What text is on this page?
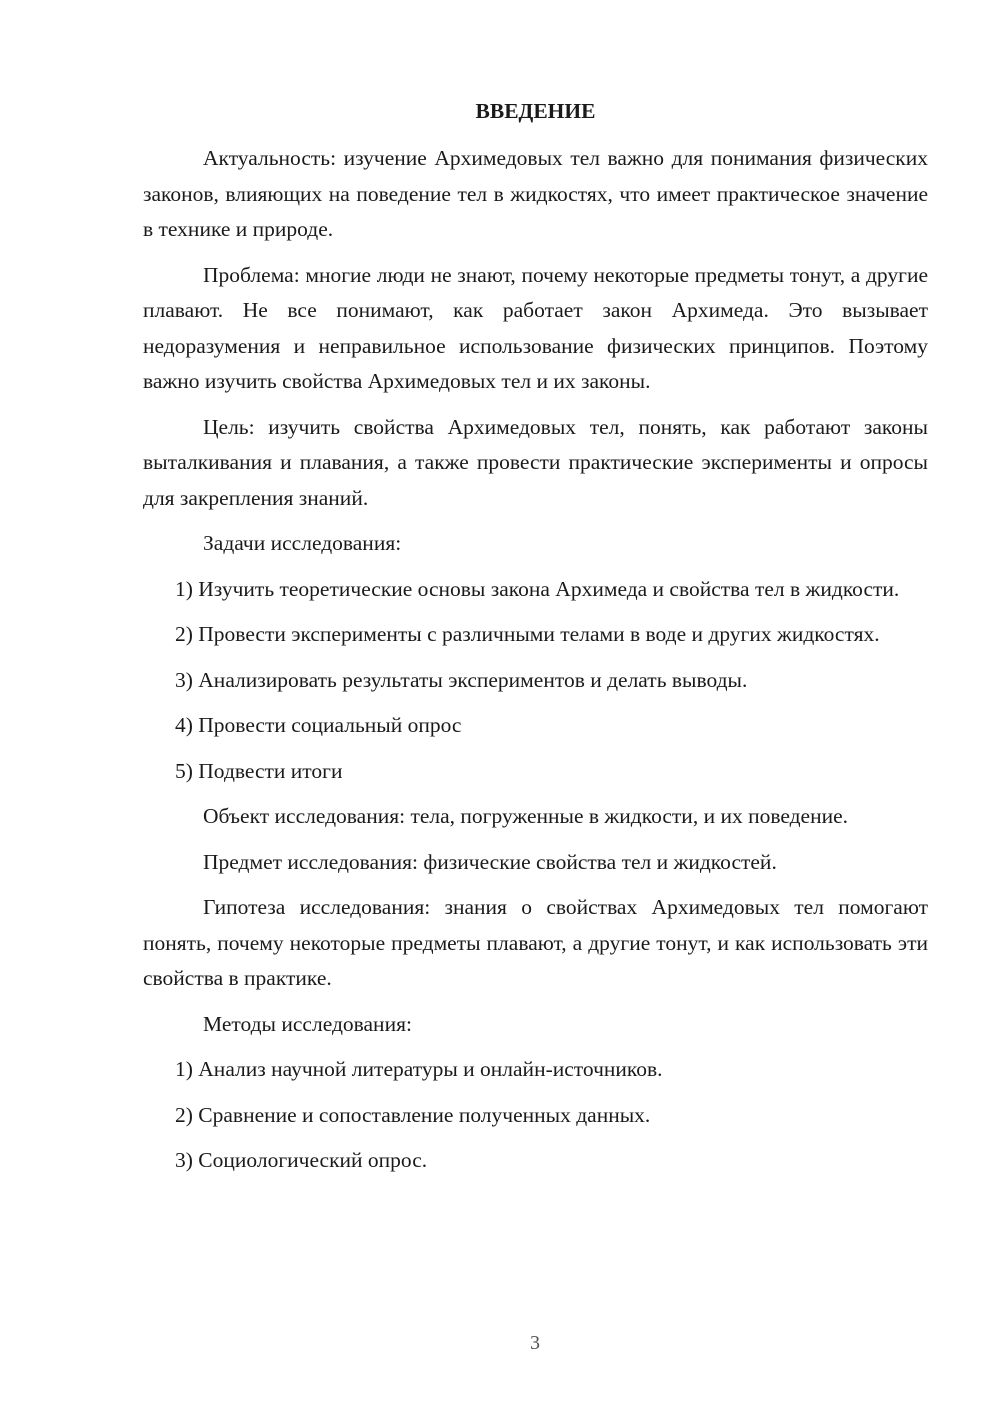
ВВЕДЕНИЕ

Актуальность: изучение Архимедовых тел важно для понимания физических законов, влияющих на поведение тел в жидкостях, что имеет практическое значение в технике и природе.

Проблема: многие люди не знают, почему некоторые предметы тонут, а другие плавают. Не все понимают, как работает закон Архимеда. Это вызывает недоразумения и неправильное использование физических принципов. Поэтому важно изучить свойства Архимедовых тел и их законы.

Цель: изучить свойства Архимедовых тел, понять, как работают законы выталкивания и плавания, а также провести практические эксперименты и опросы для закрепления знаний.

Задачи исследования:

1) Изучить теоретические основы закона Архимеда и свойства тел в жидкости.

2) Провести эксперименты с различными телами в воде и других жидкостях.

3) Анализировать результаты экспериментов и делать выводы.

4) Провести социальный опрос

5) Подвести итоги

Объект исследования: тела, погруженные в жидкости, и их поведение.

Предмет исследования: физические свойства тел и жидкостей.

Гипотеза исследования: знания о свойствах Архимедовых тел помогают понять, почему некоторые предметы плавают, а другие тонут, и как использовать эти свойства в практике.

Методы исследования:

1) Анализ научной литературы и онлайн-источников.

2) Сравнение и сопоставление полученных данных.

3) Социологический опрос.

3
